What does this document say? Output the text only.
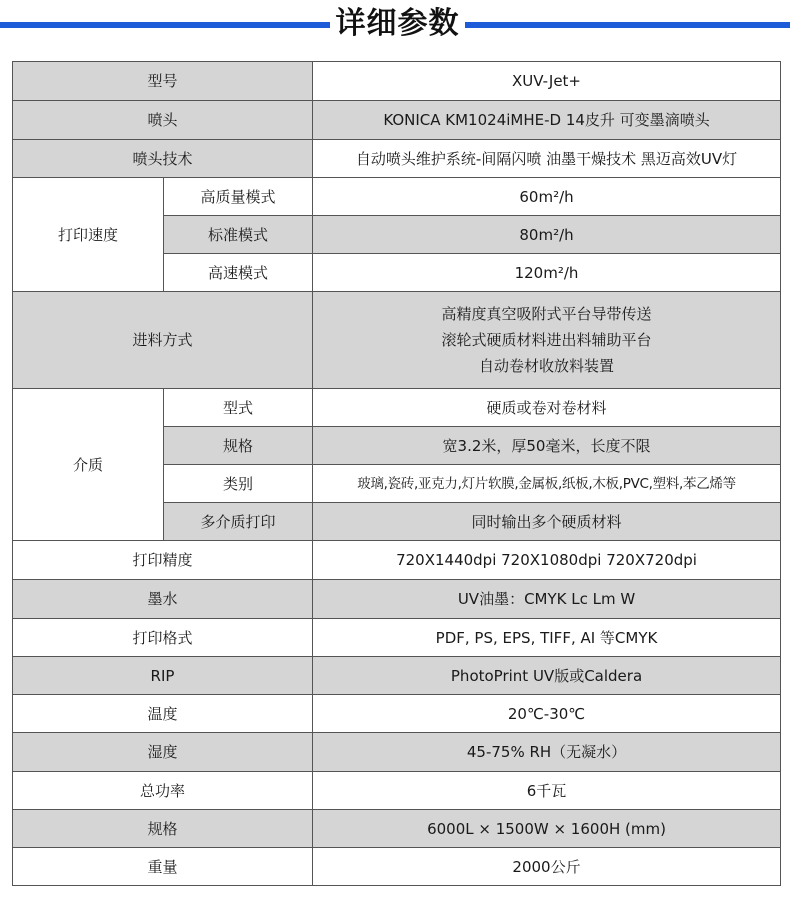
详细参数
型号		XUV-Jet+
喷头		KONICA KM1024iMHE-D 14皮升 可变墨滴喷头
喷头技术		自动喷头维护系统-间隔闪喷 油墨干燥技术 黑迈高效UV灯
打印速度	高质量模式	60m²/h
	标准模式	80m²/h
	高速模式	120m²/h
进料方式		高精度真空吸附式平台导带传送
滚轮式硬质材料进出料辅助平台
自动卷材收放料装置

介质	型式	硬质或卷对卷材料
	规格	宽3.2米，厚50毫米，长度不限
	类别	玻璃,瓷砖,亚克力,灯片软膜,金属板,纸板,木板,PVC,塑料,苯乙烯等
	多介质打印	同时输出多个硬质材料
打印精度		720X1440dpi 720X1080dpi 720X720dpi
墨水		UV油墨：CMYK Lc Lm W
打印格式		PDF, PS, EPS, TIFF, AI 等CMYK
RIP		PhotoPrint UV版或Caldera
温度		20℃-30℃
湿度		45-75% RH（无凝水）
总功率		6千瓦
规格		6000L × 1500W × 1600H (mm)
重量		2000公斤
